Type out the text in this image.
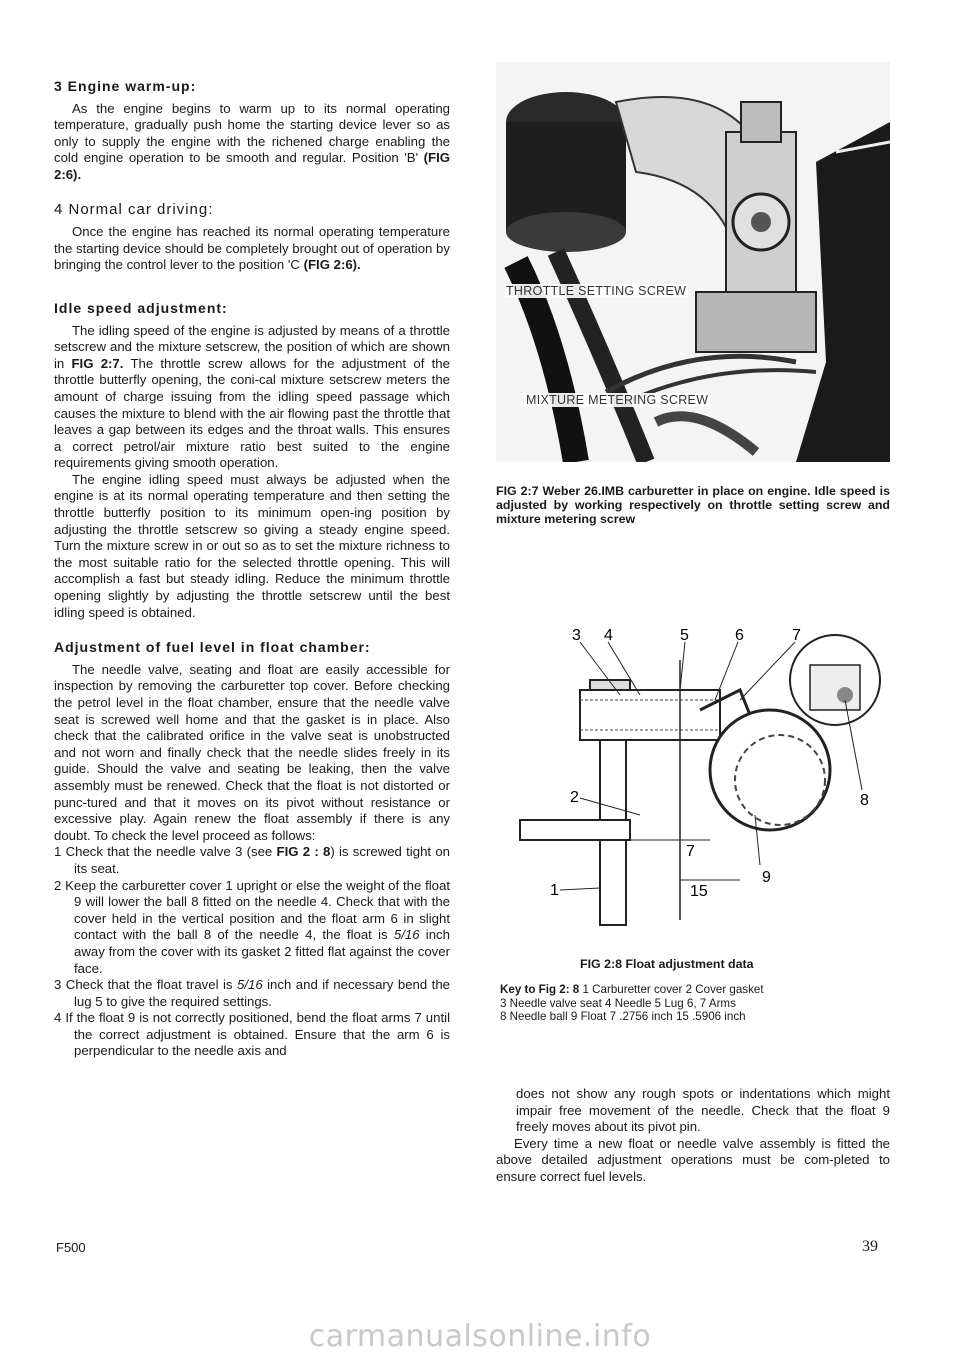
3 Engine warm-up:

As the engine begins to warm up to its normal operating temperature, gradually push home the starting device lever so as only to supply the engine with the richened charge enabling the cold engine operation to be smooth and regular. Position 'B' (FIG 2:6).

4 Normal car driving:

Once the engine has reached its normal operating temperature the starting device should be completely brought out of operation by bringing the control lever to the position 'C (FIG 2:6).

Idle speed adjustment:

The idling speed of the engine is adjusted by means of a throttle setscrew and the mixture setscrew, the position of which are shown in FIG 2:7. The throttle screw allows for the adjustment of the throttle butterfly opening, the coni-cal mixture setscrew meters the amount of charge issuing from the idling speed passage which causes the mixture to blend with the air flowing past the throttle that leaves a gap between its edges and the throat walls. This ensures a correct petrol/air mixture ratio best suited to the engine requirements giving smooth operation.

The engine idling speed must always be adjusted when the engine is at its normal operating temperature and then setting the throttle butterfly position to its minimum open-ing position by adjusting the throttle setscrew so giving a steady engine speed. Turn the mixture screw in or out so as to set the mixture richness to the most suitable ratio for the selected throttle opening. This will accomplish a fast but steady idling. Reduce the minimum throttle opening slightly by adjusting the throttle setscrew until the best idling speed is obtained.

Adjustment of fuel level in float chamber:

The needle valve, seating and float are easily accessible for inspection by removing the carburetter top cover. Before checking the petrol level in the float chamber, ensure that the needle valve seat is screwed well home and that the gasket is in place. Also check that the calibrated orifice in the valve seat is unobstructed and not worn and finally check that the needle slides freely in its guide. Should the valve and seating be leaking, then the valve assembly must be renewed. Check that the float is not distorted or punc-tured and that it moves on its pivot without resistance or excessive play. Again renew the float assembly if there is any doubt. To check the level proceed as follows:

1 Check that the needle valve 3 (see FIG 2 : 8) is screwed tight on its seat.
2 Keep the carburetter cover 1 upright or else the weight of the float 9 will lower the ball 8 fitted on the needle 4. Check that with the cover held in the vertical position and the float arm 6 in slight contact with the ball 8 of the needle 4, the float is 5/16 inch away from the cover with its gasket 2 fitted flat against the cover face.
3 Check that the float travel is 5/16 inch and if necessary bend the lug 5 to give the required settings.
4 If the float 9 is not correctly positioned, bend the float arms 7 until the correct adjustment is obtained. Ensure that the arm 6 is perpendicular to the needle axis and
THROTTLE SETTING SCREW
MIXTURE METERING SCREW
FIG 2:7 Weber 26.IMB carburetter in place on engine. Idle speed is adjusted by working respectively on throttle setting screw and mixture metering screw
7
15
3 4	5	6	7
2	8
1
9
FIG 2:8 Float adjustment data
Key to Fig 2: 8 1 Carburetter cover 2 Cover gasket
3 Needle valve seat 4 Needle 5 Lug 6, 7 Arms
8 Needle ball 9 Float 7 .2756 inch 15 .5906 inch

does not show any rough spots or indentations which might impair free movement of the needle. Check that the float 9 freely moves about its pivot pin.

Every time a new float or needle valve assembly is fitted the above detailed adjustment operations must be com-pleted to ensure correct fuel levels.

F500	39
carmanualsonline.info
